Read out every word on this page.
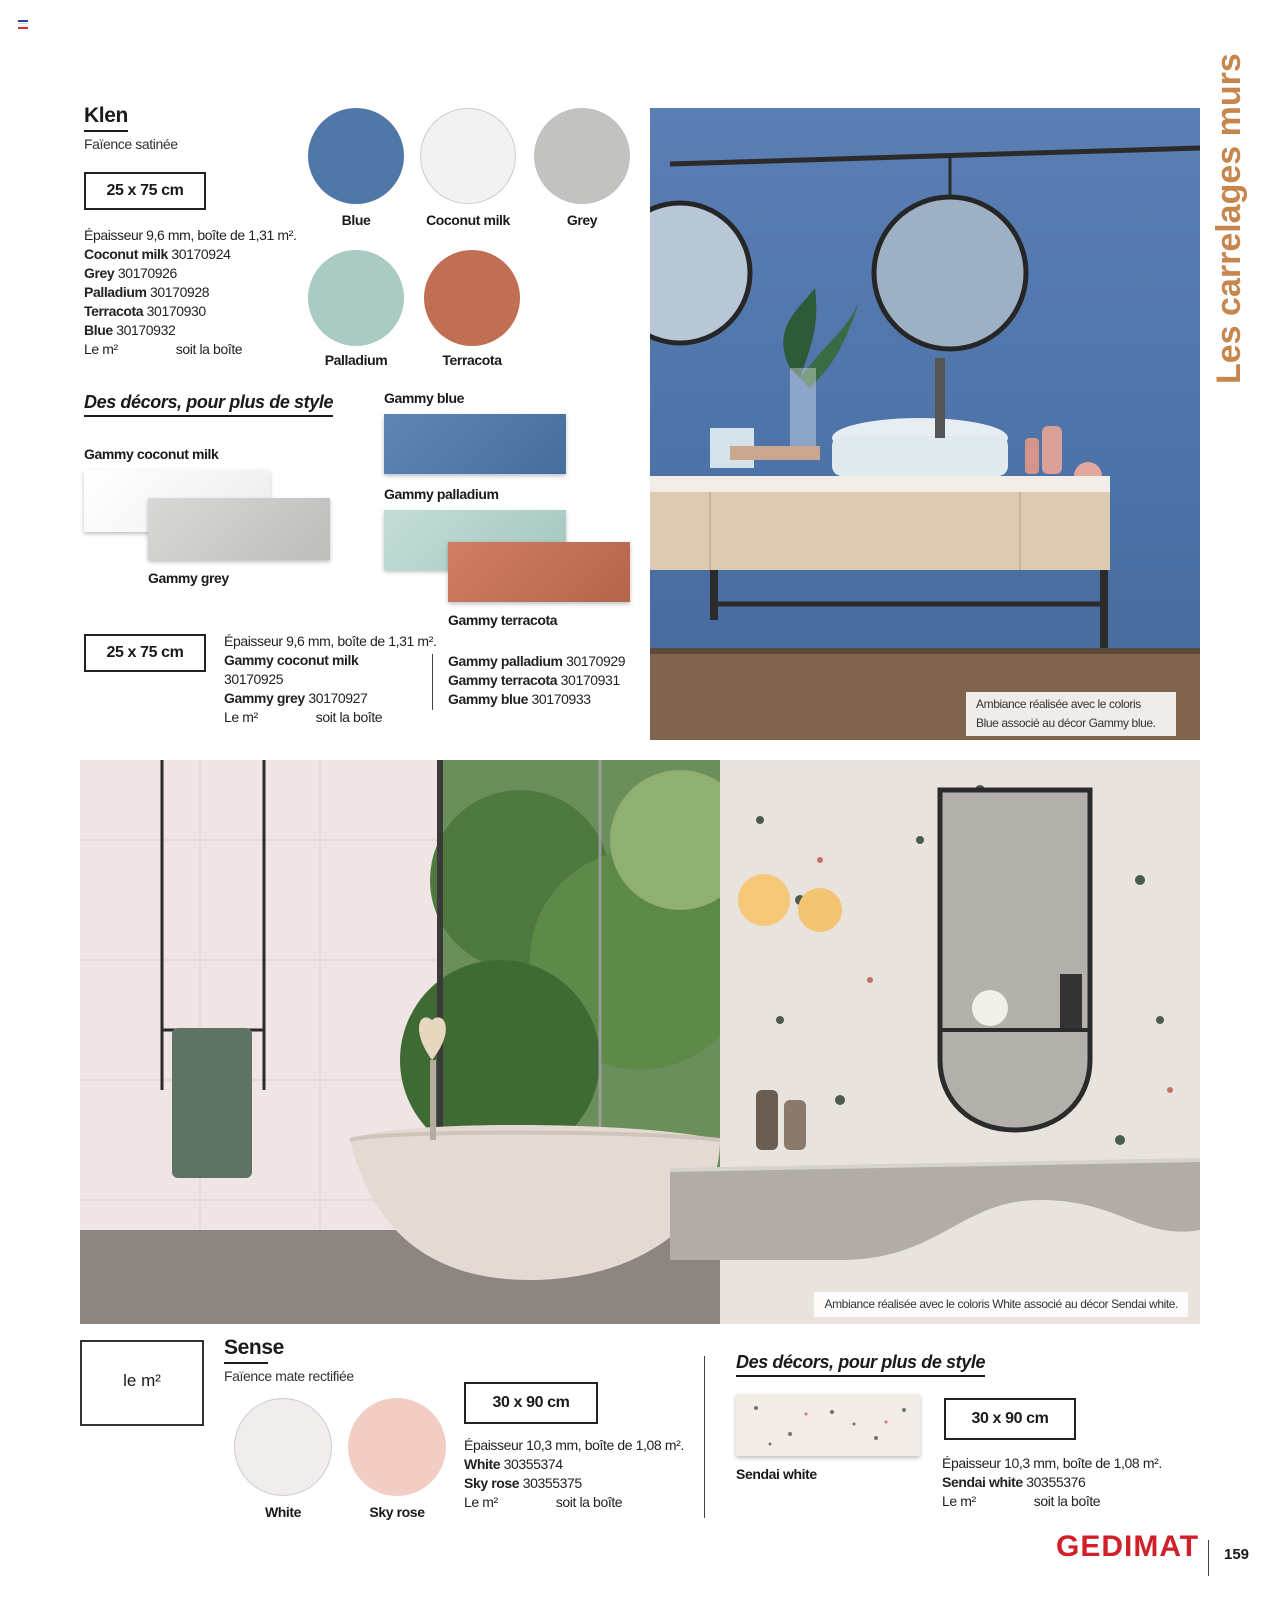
Les carrelages murs
Klen
Faïence satinée
25 x 75 cm
Épaisseur 9,6 mm, boîte de 1,31 m².
Coconut milk 30170924
Grey 30170926
Palladium 30170928
Terracota 30170930
Blue 30170932
Le m²	soit la boîte
Blue	Coconut milk	Grey
Palladium	Terracota
Des décors, pour plus de style
Gammy coconut milk
Gammy grey
Gammy blue
Gammy palladium
Gammy terracota
25 x 75 cm
Épaisseur 9,6 mm, boîte de 1,31 m².
Gammy coconut milk
30170925
Gammy grey 30170927
Le m²	soit la boîte
Gammy palladium 30170929
Gammy terracota 30170931
Gammy blue 30170933	Ambiance réalisée avec le coloris Blue associé au décor Gammy blue.
Ambiance réalisée avec le coloris White associé au décor Sendai white.
le m²
Sense
Faïence mate rectifiée
White	Sky rose
30 x 90 cm
Épaisseur 10,3 mm, boîte de 1,08 m².
White 30355374
Sky rose 30355375
Le m²	soit la boîte
Des décors, pour plus de style
Sendai white
30 x 90 cm
Épaisseur 10,3 mm, boîte de 1,08 m².
Sendai white 30355376
Le m²	soit la boîte
GEDIMAT 159
